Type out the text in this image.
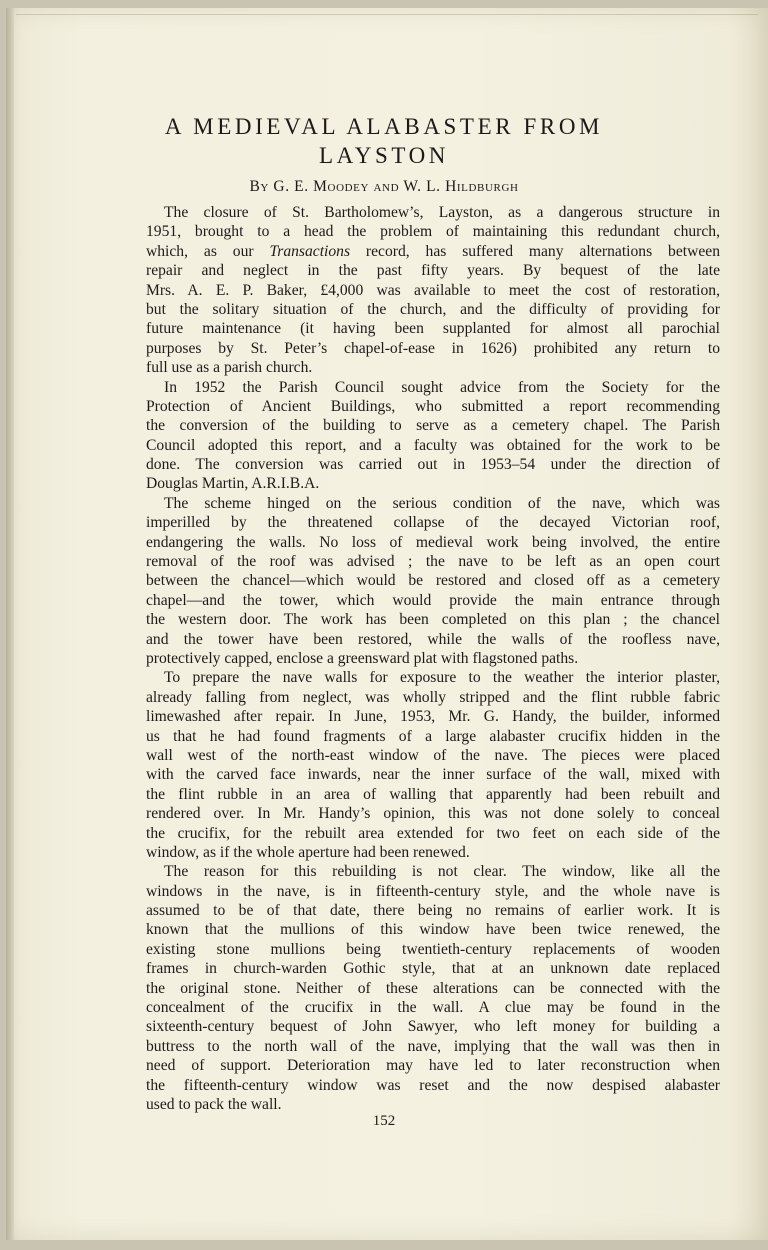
A MEDIEVAL ALABASTER FROM
LAYSTON
By G. E. Moodey and W. L. Hildburgh

The closure of St. Bartholomew’s, Layston, as a dangerous structure in
1951, brought to a head the problem of maintaining this redundant church,
which, as our Transactions record, has suffered many alternations between
repair and neglect in the past fifty years. By bequest of the late
Mrs. A. E. P. Baker, £4,000 was available to meet the cost of restoration,
but the solitary situation of the church, and the difficulty of providing for
future maintenance (it having been supplanted for almost all parochial
purposes by St. Peter’s chapel-of-ease in 1626) prohibited any return to
full use as a parish church.

In 1952 the Parish Council sought advice from the Society for the
Protection of Ancient Buildings, who submitted a report recommending
the conversion of the building to serve as a cemetery chapel. The Parish
Council adopted this report, and a faculty was obtained for the work to be
done. The conversion was carried out in 1953–54 under the direction of
Douglas Martin, A.R.I.B.A.

The scheme hinged on the serious condition of the nave, which was
imperilled by the threatened collapse of the decayed Victorian roof,
endangering the walls. No loss of medieval work being involved, the entire
removal of the roof was advised ; the nave to be left as an open court
between the chancel—which would be restored and closed off as a cemetery
chapel—and the tower, which would provide the main entrance through
the western door. The work has been completed on this plan ; the chancel
and the tower have been restored, while the walls of the roofless nave,
protectively capped, enclose a greensward plat with flagstoned paths.

To prepare the nave walls for exposure to the weather the interior plaster,
already falling from neglect, was wholly stripped and the flint rubble fabric
limewashed after repair. In June, 1953, Mr. G. Handy, the builder, informed
us that he had found fragments of a large alabaster crucifix hidden in the
wall west of the north-east window of the nave. The pieces were placed
with the carved face inwards, near the inner surface of the wall, mixed with
the flint rubble in an area of walling that apparently had been rebuilt and
rendered over. In Mr. Handy’s opinion, this was not done solely to conceal
the crucifix, for the rebuilt area extended for two feet on each side of the
window, as if the whole aperture had been renewed.

The reason for this rebuilding is not clear. The window, like all the
windows in the nave, is in fifteenth-century style, and the whole nave is
assumed to be of that date, there being no remains of earlier work. It is
known that the mullions of this window have been twice renewed, the
existing stone mullions being twentieth-century replacements of wooden
frames in church-warden Gothic style, that at an unknown date replaced
the original stone. Neither of these alterations can be connected with the
concealment of the crucifix in the wall. A clue may be found in the
sixteenth-century bequest of John Sawyer, who left money for building a
buttress to the north wall of the nave, implying that the wall was then in
need of support. Deterioration may have led to later reconstruction when
the fifteenth-century window was reset and the now despised alabaster
used to pack the wall.

152
